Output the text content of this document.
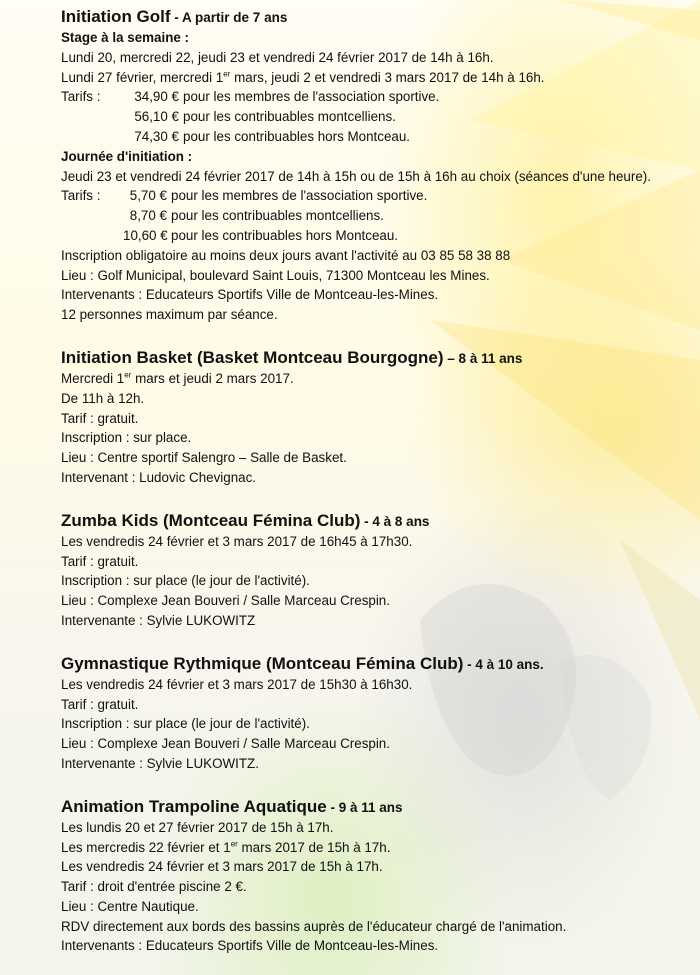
Initiation Golf - A partir de 7 ans

Stage à la semaine :

Lundi 20, mercredi 22, jeudi 23 et vendredi 24 février 2017 de 14h à 16h.

Lundi 27 février, mercredi 1er mars, jeudi 2 et vendredi 3 mars 2017 de 14h à 16h.

Tarifs :	34,90 € pour les membres de l'association sportive.
56,10 € pour les contribuables montcelliens.
74,30 € pour les contribuables hors Montceau.

Journée d'initiation :

Jeudi 23 et vendredi 24 février 2017 de 14h à 15h ou de 15h à 16h au choix (séances d'une heure).

Tarifs :	5,70 € pour les membres de l'association sportive.
8,70 € pour les contribuables montcelliens.
10,60 € pour les contribuables hors Montceau.

Inscription obligatoire au moins deux jours avant l'activité au 03 85 58 38 88

Lieu : Golf Municipal, boulevard Saint Louis, 71300 Montceau les Mines.

Intervenants : Educateurs Sportifs Ville de Montceau-les-Mines.

12 personnes maximum par séance.

Initiation Basket (Basket Montceau Bourgogne) – 8 à 11 ans

Mercredi 1er mars et jeudi 2 mars 2017.

De 11h à 12h.

Tarif : gratuit.

Inscription : sur place.

Lieu : Centre sportif Salengro – Salle de Basket.

Intervenant : Ludovic Chevignac.

Zumba Kids (Montceau Fémina Club) - 4 à 8 ans

Les vendredis 24 février et 3 mars 2017 de 16h45 à 17h30.

Tarif : gratuit.

Inscription : sur place (le jour de l'activité).

Lieu : Complexe Jean Bouveri / Salle Marceau Crespin.

Intervenante : Sylvie LUKOWITZ

Gymnastique Rythmique (Montceau Fémina Club) - 4 à 10 ans.

Les vendredis 24 février et 3 mars 2017 de 15h30 à 16h30.

Tarif : gratuit.

Inscription : sur place (le jour de l'activité).

Lieu : Complexe Jean Bouveri / Salle Marceau Crespin.

Intervenante : Sylvie LUKOWITZ.

Animation Trampoline Aquatique - 9 à 11 ans

Les lundis 20 et 27 février 2017 de 15h à 17h.

Les mercredis 22 février et 1er mars 2017 de 15h à 17h.

Les vendredis 24 février et 3 mars 2017 de 15h à 17h.

Tarif : droit d'entrée piscine 2 €.

Lieu : Centre Nautique.

RDV directement aux bords des bassins auprès de l'éducateur chargé de l'animation.

Intervenants : Educateurs Sportifs Ville de Montceau-les-Mines.
